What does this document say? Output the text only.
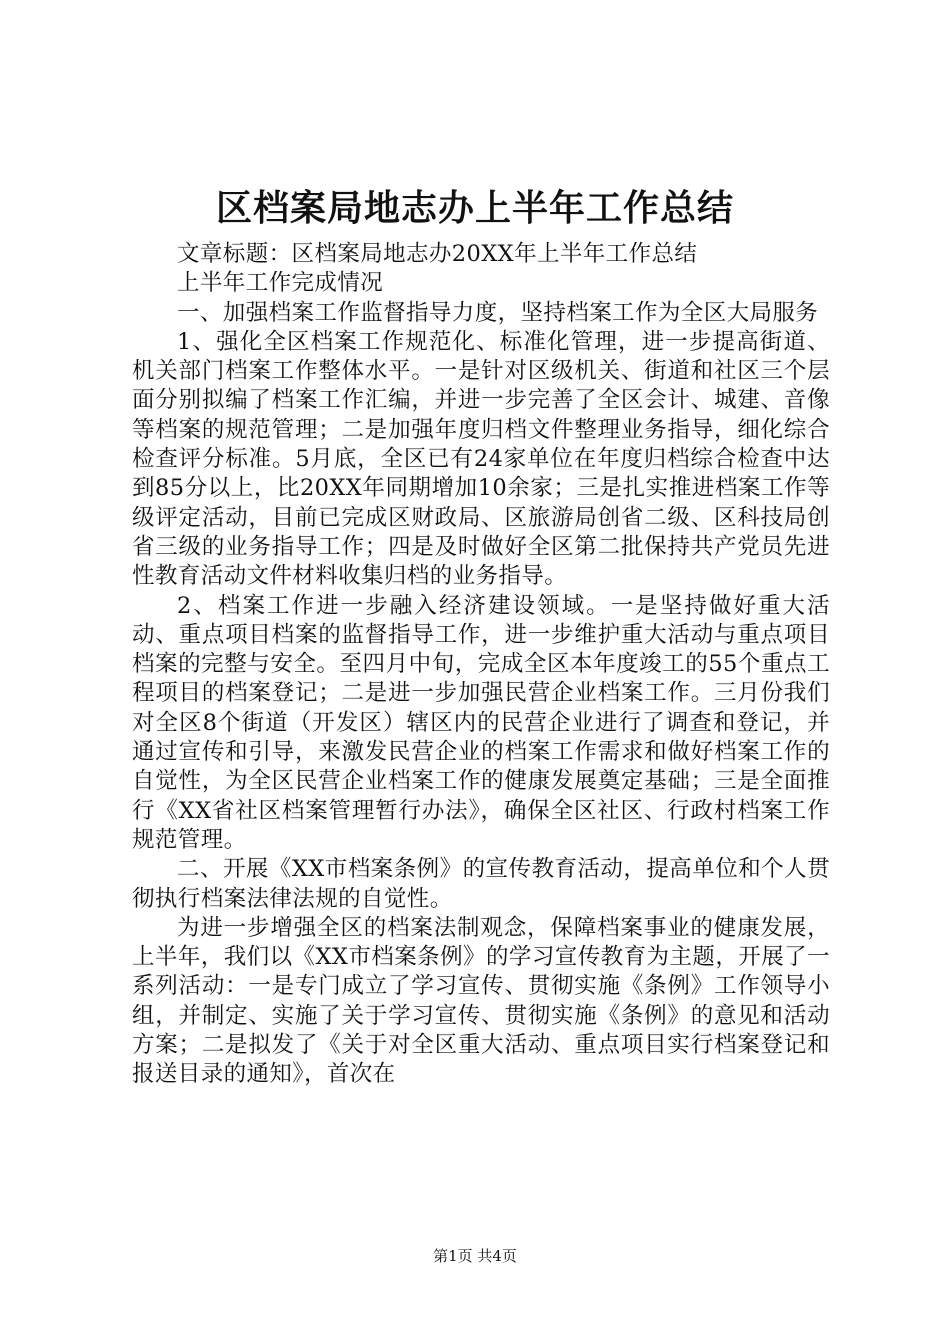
区档案局地志办上半年工作总结

文章标题：区档案局地志办20XX年上半年工作总结

上半年工作完成情况

一、加强档案工作监督指导力度，坚持档案工作为全区大局服务

1、强化全区档案工作规范化、标准化管理，进一步提高街道、机关部门档案工作整体水平。一是针对区级机关、街道和社区三个层面分别拟编了档案工作汇编，并进一步完善了全区会计、城建、音像等档案的规范管理；二是加强年度归档文件整理业务指导，细化综合检查评分标准。5月底，全区已有24家单位在年度归档综合检查中达到85分以上，比20XX年同期增加10余家；三是扎实推进档案工作等级评定活动，目前已完成区财政局、区旅游局创省二级、区科技局创省三级的业务指导工作；四是及时做好全区第二批保持共产党员先进性教育活动文件材料收集归档的业务指导。

2、档案工作进一步融入经济建设领域。一是坚持做好重大活动、重点项目档案的监督指导工作，进一步维护重大活动与重点项目档案的完整与安全。至四月中旬，完成全区本年度竣工的55个重点工程项目的档案登记；二是进一步加强民营企业档案工作。三月份我们对全区8个街道（开发区）辖区内的民营企业进行了调查和登记，并通过宣传和引导，来激发民营企业的档案工作需求和做好档案工作的自觉性，为全区民营企业档案工作的健康发展奠定基础；三是全面推行《XX省社区档案管理暂行办法》，确保全区社区、行政村档案工作规范管理。

二、开展《XX市档案条例》的宣传教育活动，提高单位和个人贯彻执行档案法律法规的自觉性。

为进一步增强全区的档案法制观念，保障档案事业的健康发展，上半年，我们以《XX市档案条例》的学习宣传教育为主题，开展了一系列活动：一是专门成立了学习宣传、贯彻实施《条例》工作领导小组，并制定、实施了关于学习宣传、贯彻实施《条例》的意见和活动方案；二是拟发了《关于对全区重大活动、重点项目实行档案登记和报送目录的通知》，首次在

第1页 共4页
